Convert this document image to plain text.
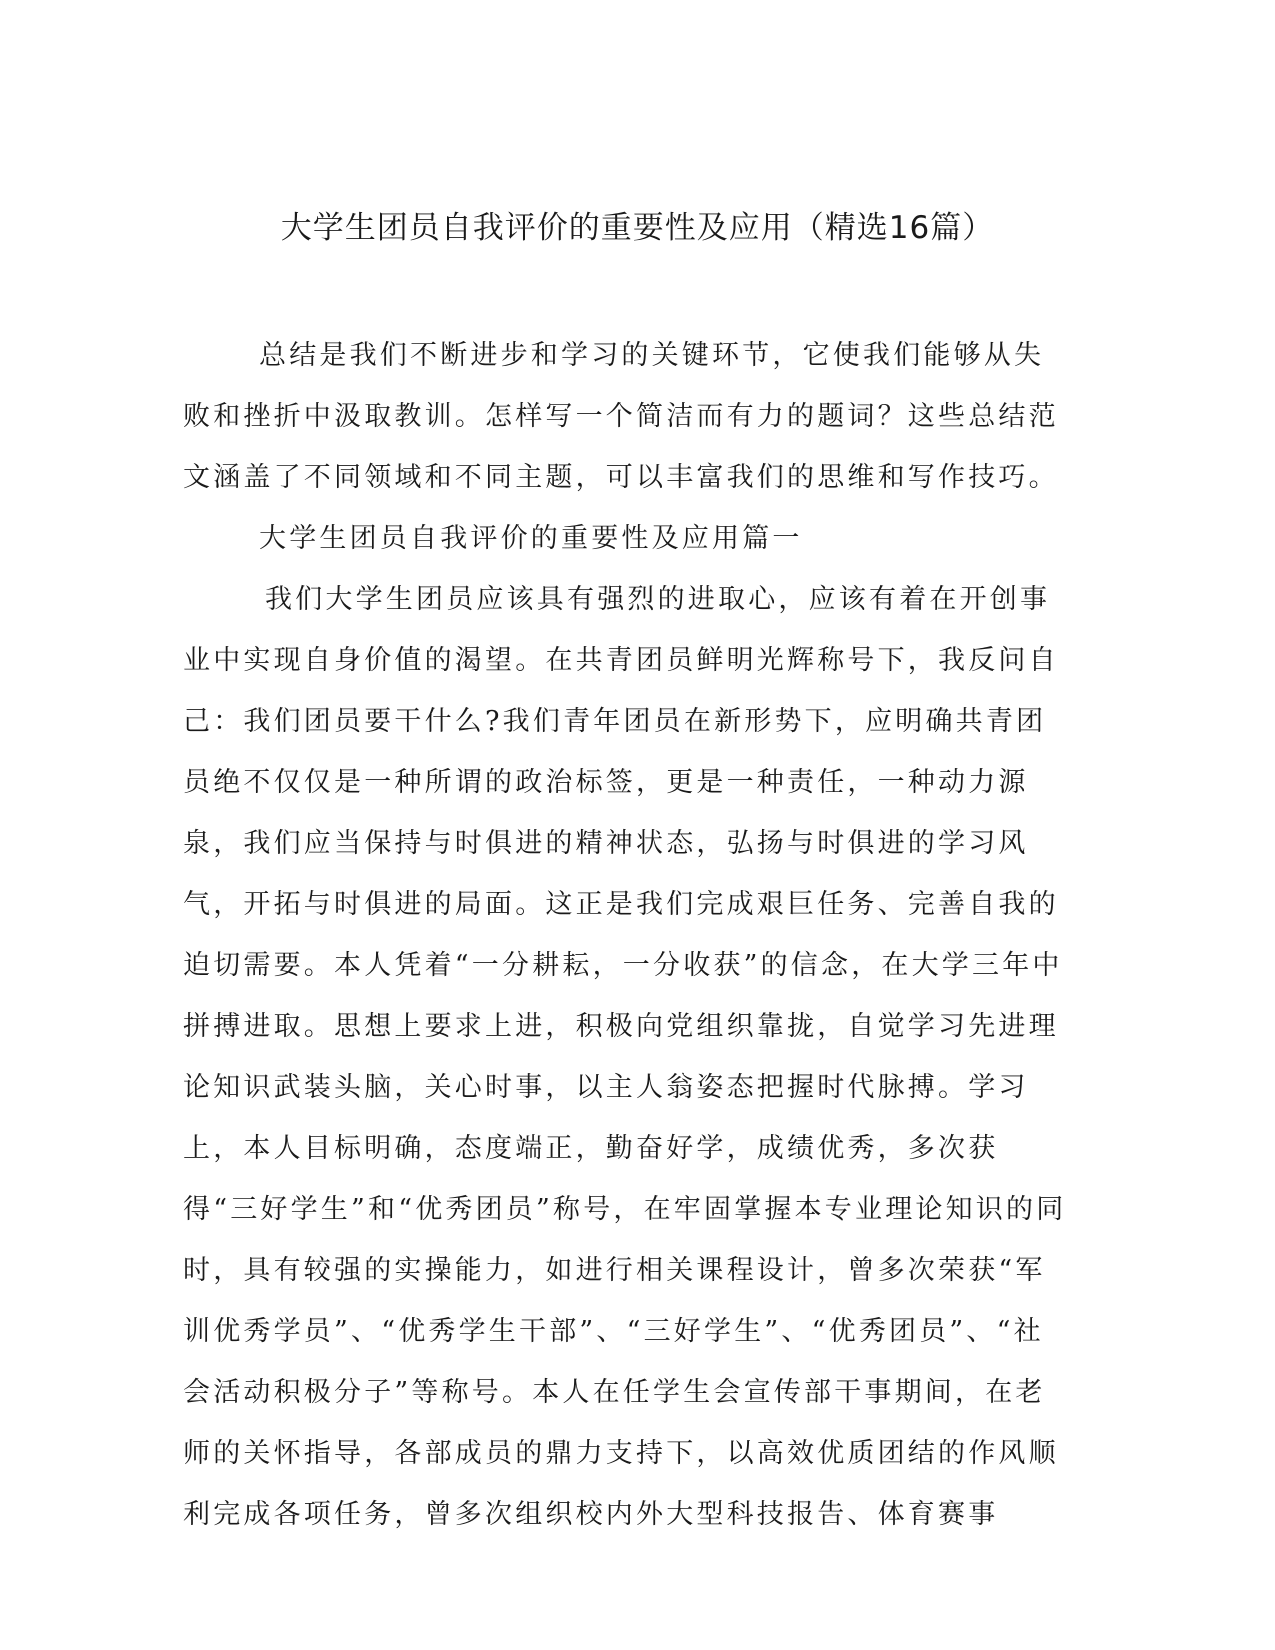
大学生团员自我评价的重要性及应用（精选16篇）

总结是我们不断进步和学习的关键环节，它使我们能够从失败和挫折中汲取教训。怎样写一个简洁而有力的题词？这些总结范文涵盖了不同领域和不同主题，可以丰富我们的思维和写作技巧。

大学生团员自我评价的重要性及应用篇一

我们大学生团员应该具有强烈的进取心，应该有着在开创事业中实现自身价值的渴望。在共青团员鲜明光辉称号下，我反问自己：我们团员要干什么?我们青年团员在新形势下，应明确共青团员绝不仅仅是一种所谓的政治标签，更是一种责任，一种动力源泉，我们应当保持与时俱进的精神状态，弘扬与时俱进的学习风气，开拓与时俱进的局面。这正是我们完成艰巨任务、完善自我的迫切需要。本人凭着“一分耕耘，一分收获”的信念，在大学三年中拼搏进取。思想上要求上进，积极向党组织靠拢，自觉学习先进理论知识武装头脑，关心时事，以主人翁姿态把握时代脉搏。学习上，本人目标明确，态度端正，勤奋好学，成绩优秀，多次获得“三好学生”和“优秀团员”称号，在牢固掌握本专业理论知识的同时，具有较强的实操能力，如进行相关课程设计，曾多次荣获“军训优秀学员”、“优秀学生干部”、“三好学生”、“优秀团员”、“社会活动积极分子”等称号。本人在任学生会宣传部干事期间，在老师的关怀指导，各部成员的鼎力支持下，以高效优质团结的作风顺利完成各项任务，曾多次组织校内外大型科技报告、体育赛事
